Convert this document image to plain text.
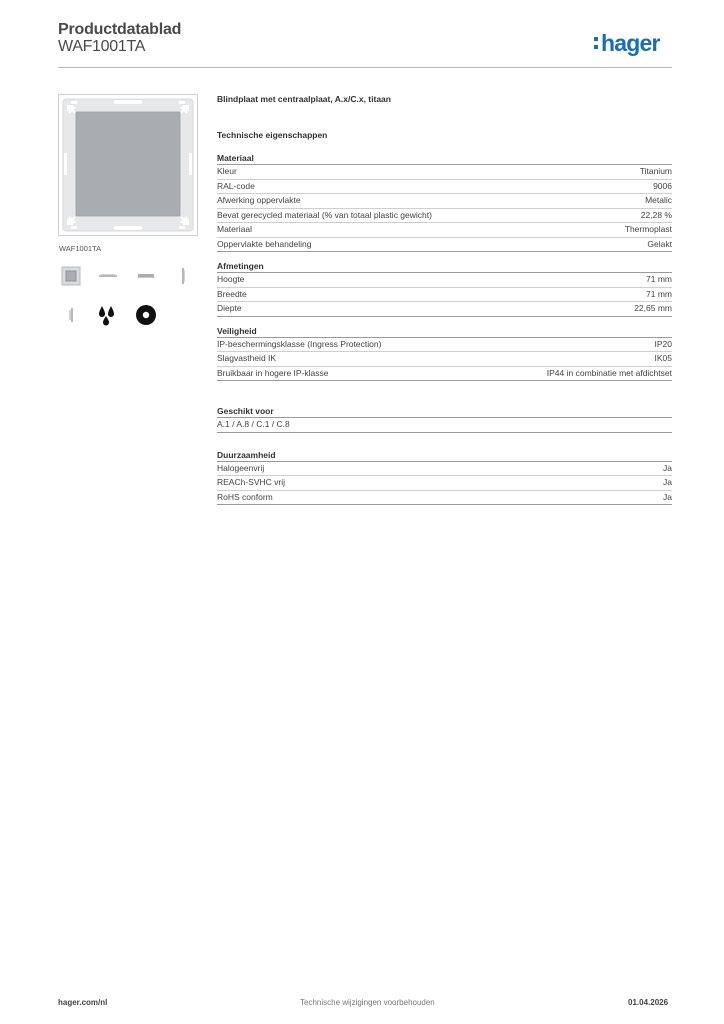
Productdatablad
WAF1001TA	hager
WAF1001TA
Blindplaat met centraalplaat, A.x/C.x, titaan
Technische eigenschappen
Materiaal
Kleur	Titanium
RAL-code	9006
Afwerking oppervlakte	Metalic
Bevat gerecycled materiaal (% van totaal plastic gewicht)	22,28 %
Materiaal	Thermoplast
Oppervlakte behandeling	Gelakt
Afmetingen
Hoogte	71 mm
Breedte	71 mm
Diepte	22,65 mm
Veiligheid
IP-beschermingsklasse (Ingress Protection)	IP20
Slagvastheid IK	IK05
Bruikbaar in hogere IP-klasse	IP44 in combinatie met afdichtset
Geschikt voor
A.1 / A.8 / C.1 / C.8
Duurzaamheid
Halogeenvrij	Ja
REACh-SVHC vrij	Ja
RoHS conform	Ja
hager.com/nl	Technische wijzigingen voorbehouden	01.04.2026
